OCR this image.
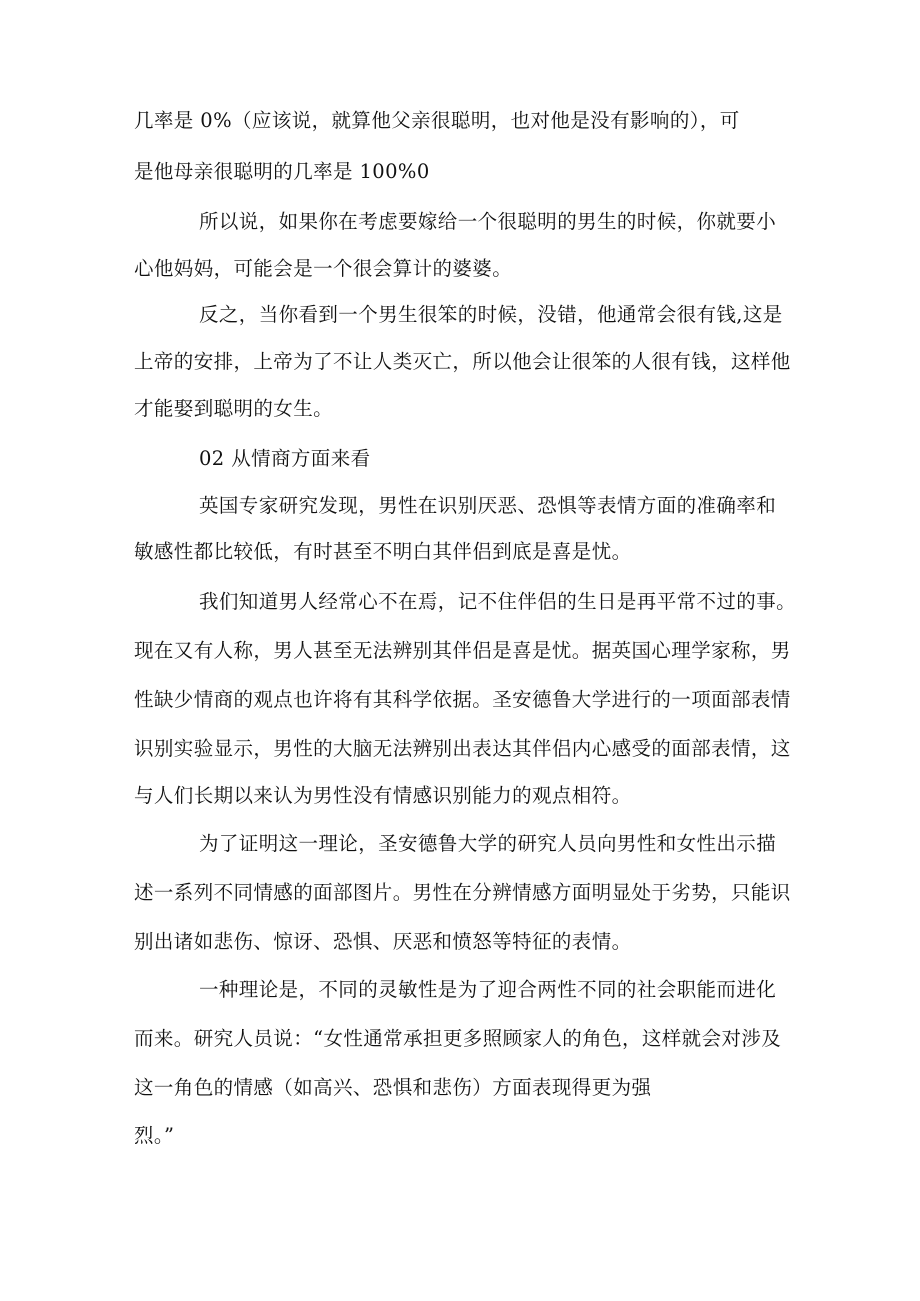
几率是 0%（应该说，就算他父亲很聪明，也对他是没有影响的），可
是他母亲很聪明的几率是 100%0
所以说，如果你在考虑要嫁给一个很聪明的男生的时候，你就要小
心他妈妈，可能会是一个很会算计的婆婆。
反之，当你看到一个男生很笨的时候，没错，他通常会很有钱,这是
上帝的安排，上帝为了不让人类灭亡，所以他会让很笨的人很有钱，这样他
才能娶到聪明的女生。
02 从情商方面来看
英国专家研究发现，男性在识别厌恶、恐惧等表情方面的准确率和
敏感性都比较低，有时甚至不明白其伴侣到底是喜是忧。
我们知道男人经常心不在焉，记不住伴侣的生日是再平常不过的事。
现在又有人称，男人甚至无法辨别其伴侣是喜是忧。据英国心理学家称，男
性缺少情商的观点也许将有其科学依据。圣安德鲁大学进行的一项面部表情
识别实验显示，男性的大脑无法辨别出表达其伴侣内心感受的面部表情，这
与人们长期以来认为男性没有情感识别能力的观点相符。
为了证明这一理论，圣安德鲁大学的研究人员向男性和女性出示描
述一系列不同情感的面部图片。男性在分辨情感方面明显处于劣势，只能识
别出诸如悲伤、惊讶、恐惧、厌恶和愤怒等特征的表情。
一种理论是，不同的灵敏性是为了迎合两性不同的社会职能而进化
而来。研究人员说：“女性通常承担更多照顾家人的角色，这样就会对涉及
这一角色的情感（如高兴、恐惧和悲伤）方面表现得更为强
烈。”
